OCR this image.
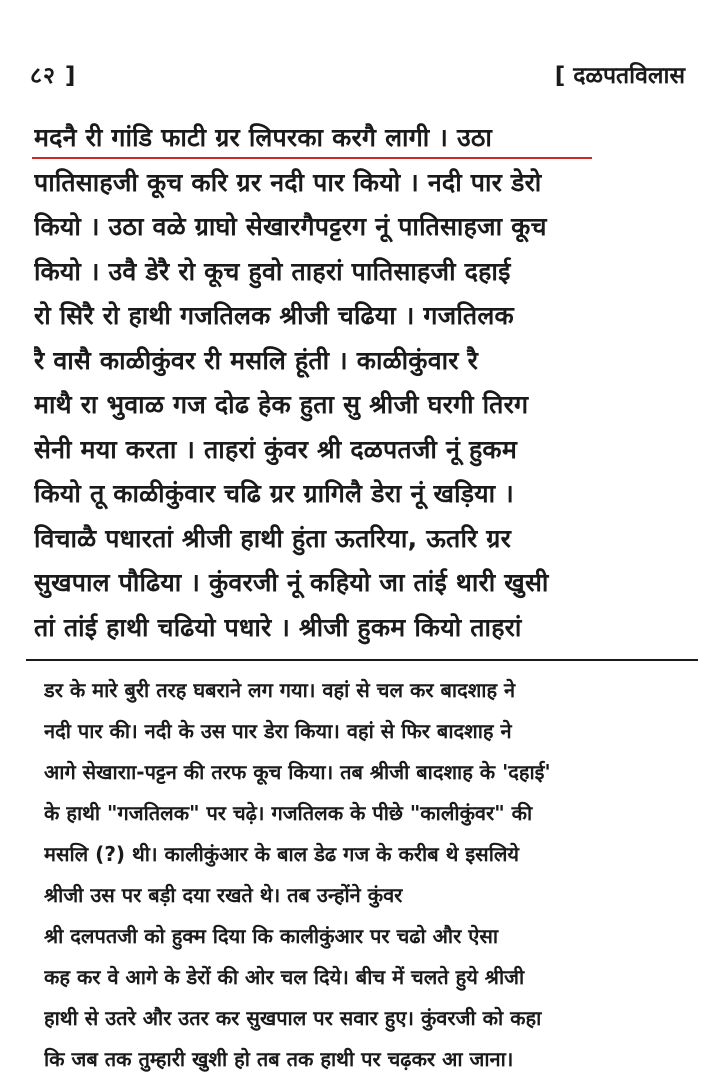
८२ ]	[ दळपतविलास
मदनै री गांडि फाटी ग्रर लिपरका करगै लागी । उठा
पातिसाहजी कूच करि ग्रर नदी पार कियो । नदी पार डेरो
कियो । उठा वळे ग्राघो सेखारगैपट्टरग नूं पातिसाहजा कूच
कियो । उवै डेरै रो कूच हुवो ताहरां पातिसाहजी दहाई
रो सिरै रो हाथी गजतिलक श्रीजी चढिया । गजतिलक
रै वासै काळीकुंवर री मसलि हूंती । काळीकुंवार रै
माथै रा भुवाळ गज दोढ हेक हुता सु श्रीजी घरगी तिरग
सेनी मया करता । ताहरां कुंवर श्री दळपतजी नूं हुकम
कियो तू काळीकुंवार चढि ग्रर ग्रागिलै डेरा नूं खड़िया ।
विचाळै पधारतां श्रीजी हाथी हुंता ऊतरिया, ऊतरि ग्रर
सुखपाल पौढिया । कुंवरजी नूं कहियो जा तांई थारी खुसी
तां तांई हाथी चढियो पधारे । श्रीजी हुकम कियो ताहरां
डर के मारे बुरी तरह घबराने लग गया। वहां से चल कर बादशाह ने
नदी पार की। नदी के उस पार डेरा किया। वहां से फिर बादशाह ने
आगे सेखाराा-पट्टन की तरफ कूच किया। तब श्रीजी बादशाह के 'दहाई'
के हाथी "गजतिलक" पर चढ़े। गजतिलक के पीछे "कालीकुंवर" की
मसलि (?) थी। कालीकुंआर के बाल डेढ गज के करीब थे इसलिये
श्रीजी उस पर बड़ी दया रखते थे। तब उन्होंने कुंवर
श्री दलपतजी को हुक्म दिया कि कालीकुंआर पर चढो और ऐसा
कह कर वे आगे के डेरों की ओर चल दिये। बीच में चलते हुये श्रीजी
हाथी से उतरे और उतर कर सुखपाल पर सवार हुए। कुंवरजी को कहा
कि जब तक तुम्हारी खुशी हो तब तक हाथी पर चढ़कर आ जाना।
